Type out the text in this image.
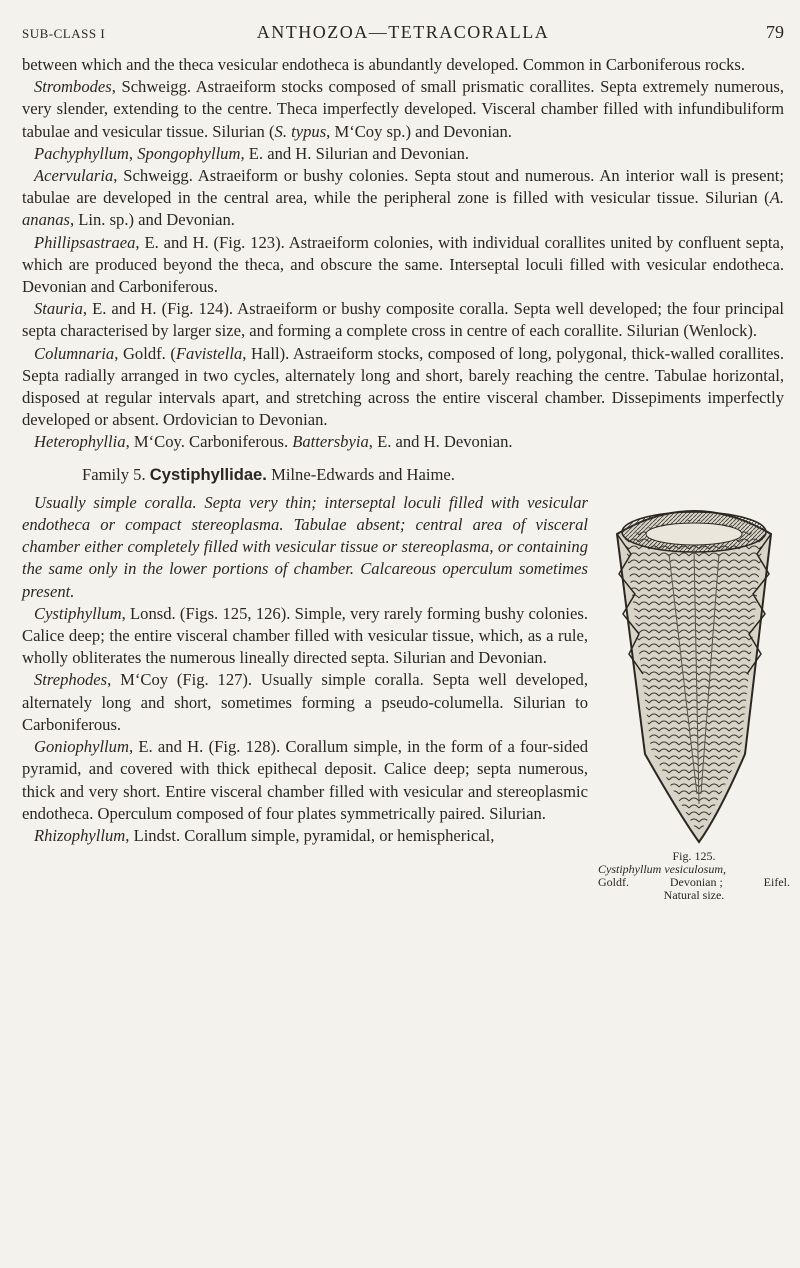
SUB-CLASS I	ANTHOZOA—TETRACORALLA	79

between which and the theca vesicular endotheca is abundantly developed. Common in Carboniferous rocks.

Strombodes, Schweigg. Astraeiform stocks composed of small prismatic corallites. Septa extremely numerous, very slender, extending to the centre. Theca imperfectly developed. Visceral chamber filled with infundibuliform tabulae and vesicular tissue. Silurian (S. typus, M‘Coy sp.) and Devonian.

Pachyphyllum, Spongophyllum, E. and H. Silurian and Devonian.

Acervularia, Schweigg. Astraeiform or bushy colonies. Septa stout and numerous. An interior wall is present; tabulae are developed in the central area, while the peripheral zone is filled with vesicular tissue. Silurian (A. ananas, Lin. sp.) and Devonian.

Phillipsastraea, E. and H. (Fig. 123). Astraeiform colonies, with individual corallites united by confluent septa, which are produced beyond the theca, and obscure the same. Interseptal loculi filled with vesicular endotheca. Devonian and Carboniferous.

Stauria, E. and H. (Fig. 124). Astraeiform or bushy composite coralla. Septa well developed; the four principal septa characterised by larger size, and forming a complete cross in centre of each corallite. Silurian (Wenlock).

Columnaria, Goldf. (Favistella, Hall). Astraeiform stocks, composed of long, polygonal, thick-walled corallites. Septa radially arranged in two cycles, alternately long and short, barely reaching the centre. Tabulae horizontal, disposed at regular intervals apart, and stretching across the entire visceral chamber. Dissepiments imperfectly developed or absent. Ordovician to Devonian.

Heterophyllia, M‘Coy. Carboniferous. Battersbyia, E. and H. Devonian.

Family 5. Cystiphyllidae. Milne-Edwards and Haime.

Fig. 125.
Cystiphyllum vesiculosum,
Goldf.	Devonian ;	Eifel.
Natural size.

Usually simple coralla. Septa very thin; interseptal loculi filled with vesicular endotheca or compact stereoplasma. Tabulae absent; central area of visceral chamber either completely filled with vesicular tissue or stereoplasma, or containing the same only in the lower portions of chamber. Calcareous operculum sometimes present.

Cystiphyllum, Lonsd. (Figs. 125, 126). Simple, very rarely forming bushy colonies. Calice deep; the entire visceral chamber filled with vesicular tissue, which, as a rule, wholly obliterates the numerous lineally directed septa. Silurian and Devonian.

Strephodes, M‘Coy (Fig. 127). Usually simple coralla. Septa well developed, alternately long and short, sometimes forming a pseudo-columella. Silurian to Carboniferous.

Goniophyllum, E. and H. (Fig. 128). Corallum simple, in the form of a four-sided pyramid, and covered with thick epithecal deposit. Calice deep; septa numerous, thick and very short. Entire visceral chamber filled with vesicular and stereoplasmic endotheca. Operculum composed of four plates symmetrically paired. Silurian.

Rhizophyllum, Lindst. Corallum simple, pyramidal, or hemispherical,
